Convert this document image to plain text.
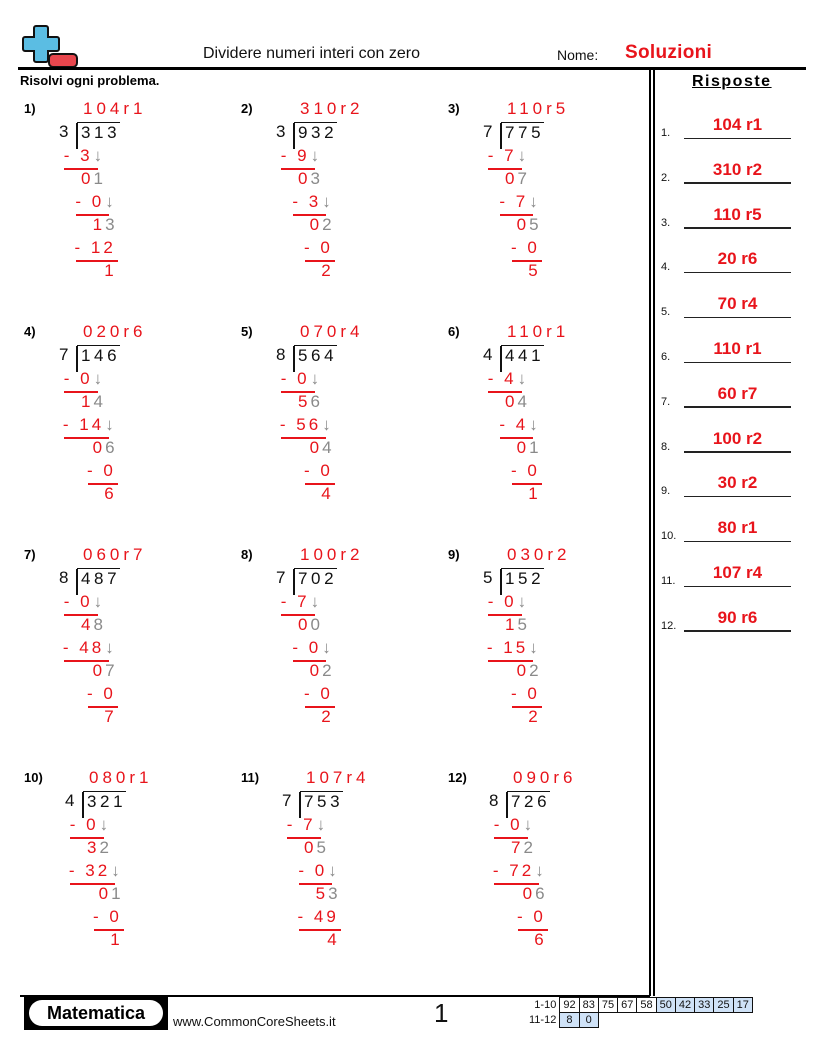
Dividere numeri interi con zero	Nome: Soluzioni
Risolvi ogni problema.	Risposte
1)
3 313
104r1
- 3 ↓
0 1
- 0 ↓
1 3
- 12
1
2)
3 932
310r2
- 9 ↓
0 3
- 3 ↓
0 2
- 0
2
3)
7 775
110r5
- 7 ↓
0 7
- 7 ↓
0 5
- 0
5
4)
7 146
020r6
- 0 ↓
1 4
- 14 ↓
0 6
- 0
6
5)
8 564
070r4
- 0 ↓
5 6
- 56 ↓
0 4
- 0
4
6)
4 441
110r1
- 4 ↓
0 4
- 4 ↓
0 1
- 0
1
7)
8 487
060r7
- 0 ↓
4 8
- 48 ↓
0 7
- 0
7
8)
7 702
100r2
- 7 ↓
0 0
- 0 ↓
0 2
- 0
2
9)
5 152
030r2
- 0 ↓
1 5
- 15 ↓
0 2
- 0
2
10)
4 321
080r1
- 0 ↓
3 2
- 32 ↓
0 1
- 0
1
11)
7 753
107r4
- 7 ↓
0 5
- 0 ↓
5 3
- 49
4
12)
8 726
090r6
- 0 ↓
7 2
- 72 ↓
0 6
- 0
6
1.	104 r1
2.	310 r2
3.	110 r5
4.	20 r6
5.	70 r4
6.	110 r1
7.	60 r7
8.	100 r2
9.	30 r2
10.	80 r1
11.	107 r4
12.	90 r6
Matematica	www.CommonCoreSheets.it	1	1-10	92	83	75	67	58	50	42	33	25	17
11-12	8	0								
